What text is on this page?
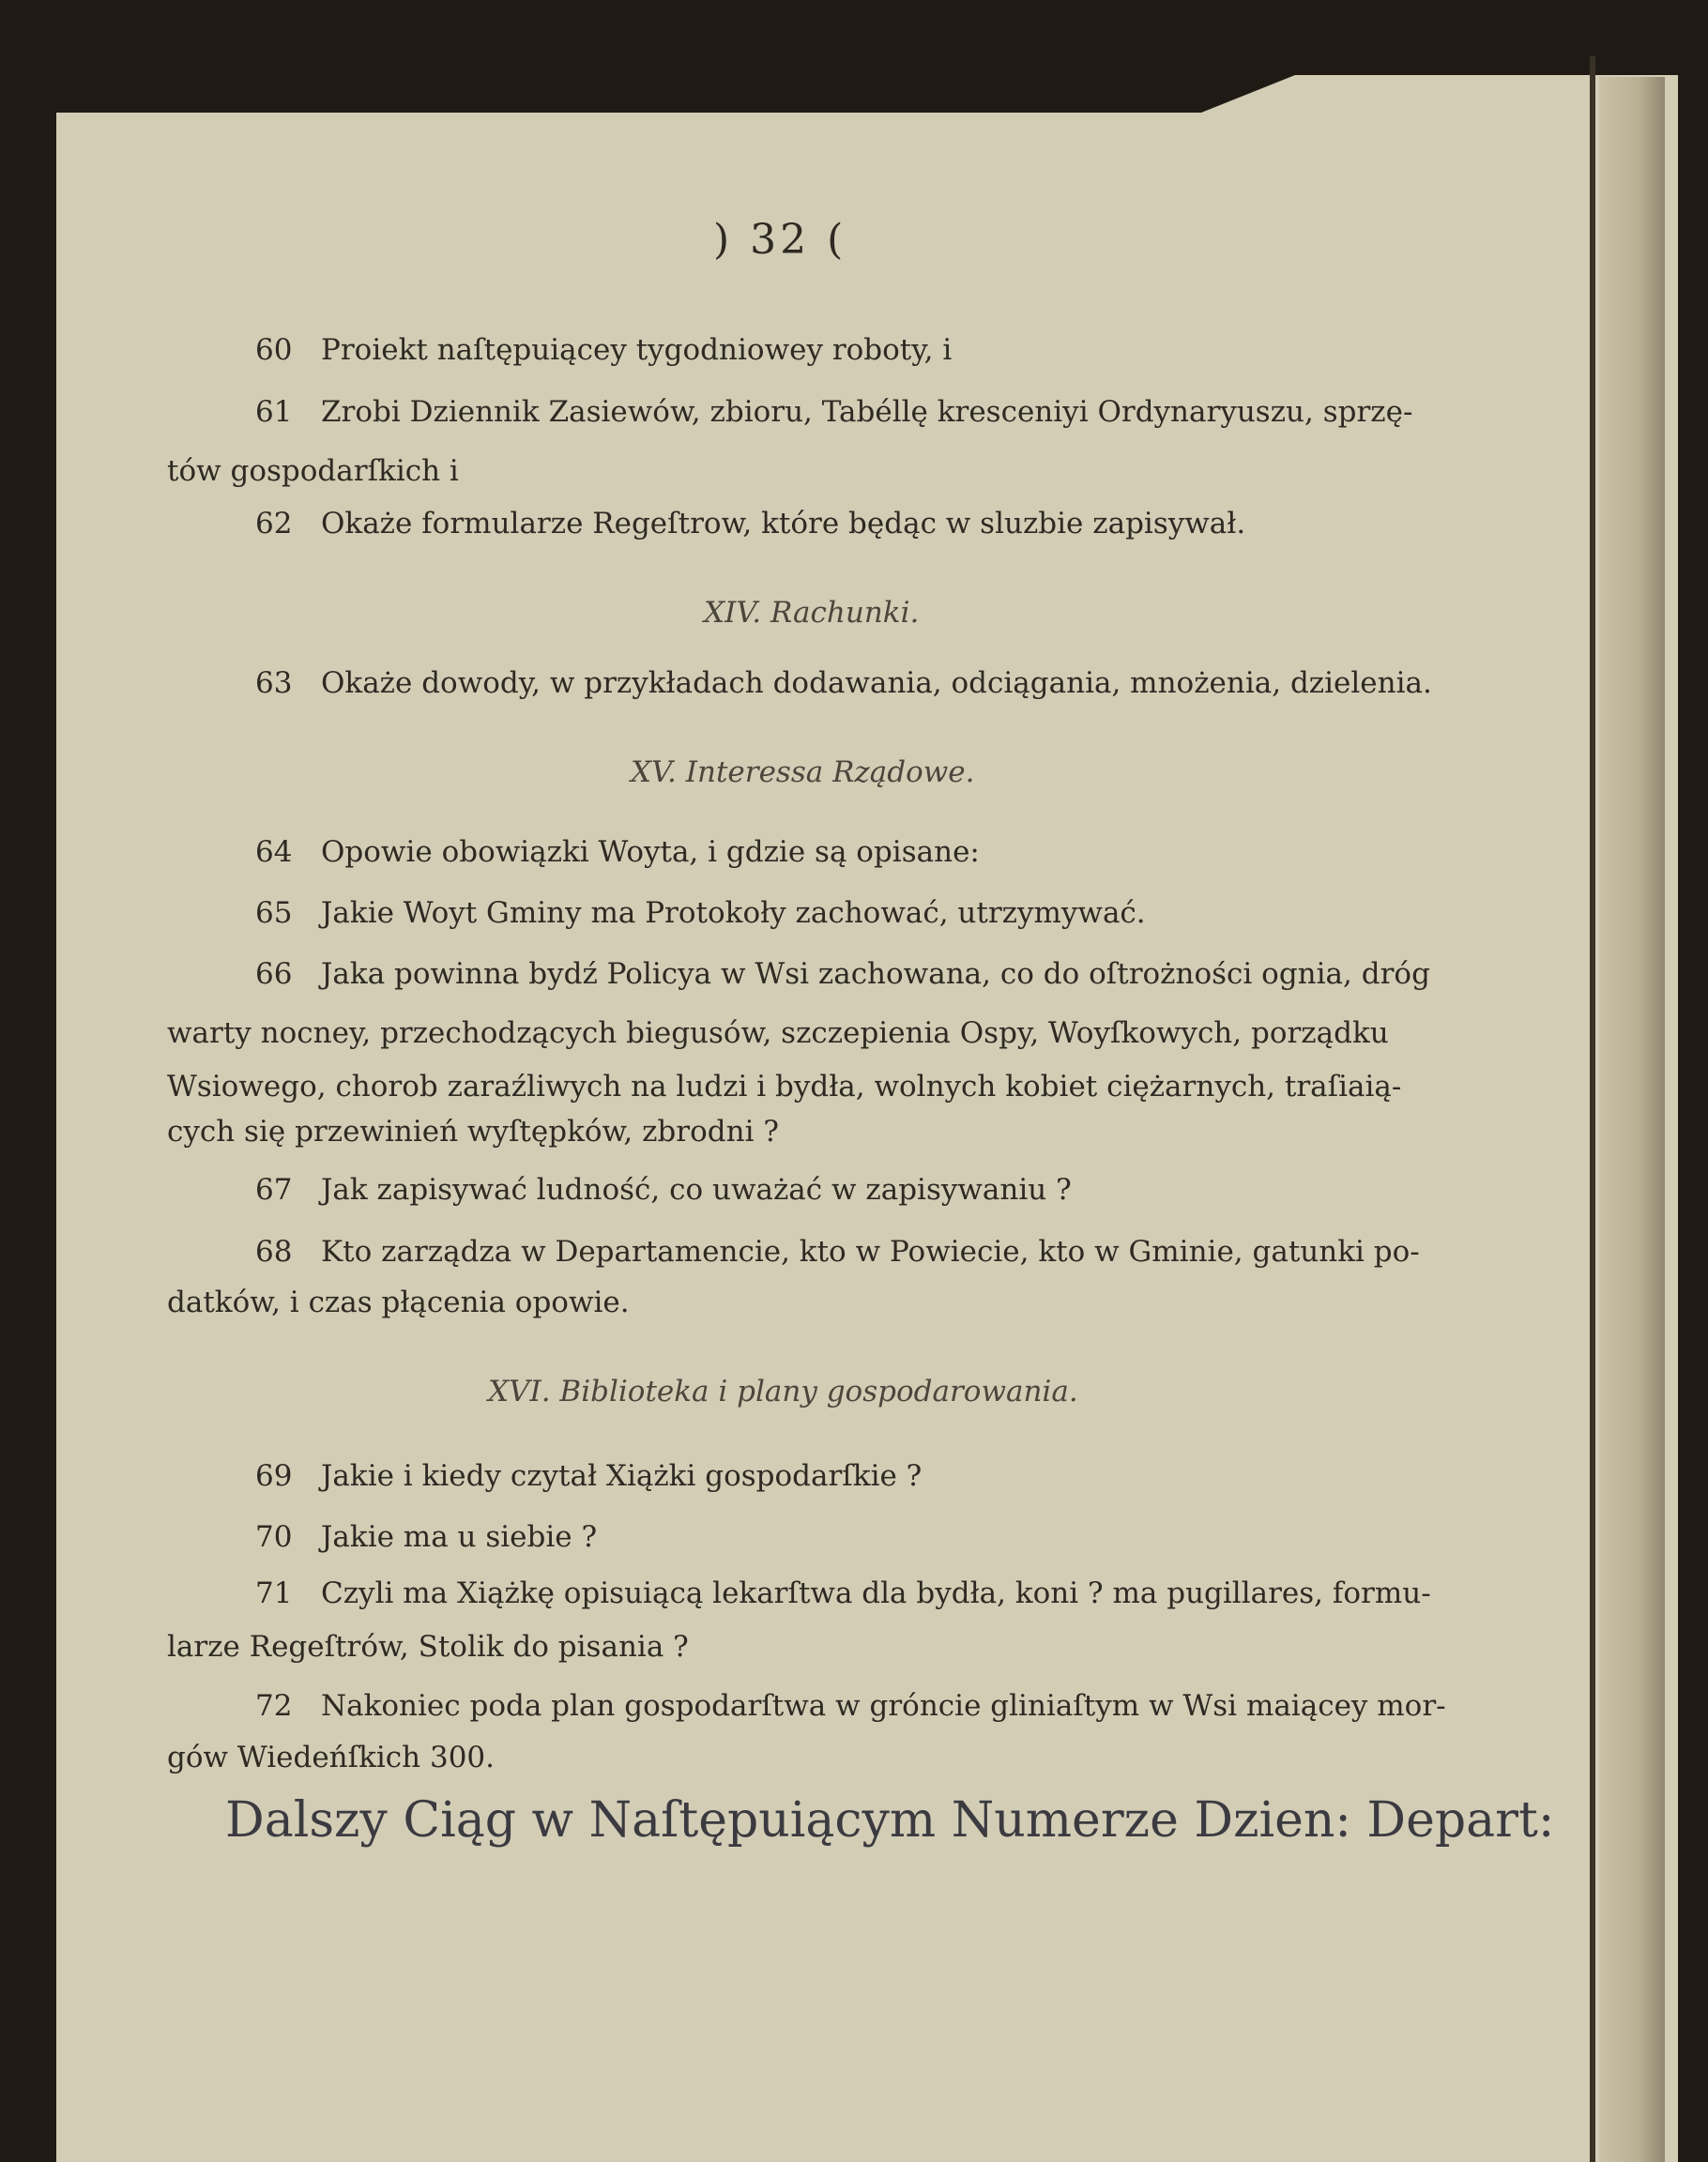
) 32 (
60 Proiekt naſtępuiącey tygodniowey roboty, i
61 Zrobi Dziennik Zasiewów, zbioru, Tabéllę kresceniyi Ordynaryuszu, sprzę-
tów gospodarſkich i
62 Okaże formularze Regeſtrow, które będąc w sluzbie zapisywał.
XIV. Rachunki.
63 Okaże dowody, w przykładach dodawania, odciągania, mnożenia, dzielenia.
XV. Interessa Rządowe.
64 Opowie obowiązki Woyta, i gdzie są opisane:
65 Jakie Woyt Gminy ma Protokoły zachować, utrzymywać.
66 Jaka powinna bydź Policya w Wsi zachowana, co do oſtrożności ognia, dróg
warty nocney, przechodzących biegusów, szczepienia Ospy, Woyſkowych, porządku
Wsiowego, chorob zaraźliwych na ludzi i bydła, wolnych kobiet ciężarnych, traſiaią-
cych się przewinień wyſtępków, zbrodni ?
67 Jak zapisywać ludność, co uważać w zapisywaniu ?
68 Kto zarządza w Departamencie, kto w Powiecie, kto w Gminie, gatunki po-
datków, i czas płącenia opowie.
XVI. Biblioteka i plany gospodarowania.
69 Jakie i kiedy czytał Xiążki gospodarſkie ?
70 Jakie ma u siebie ?
71 Czyli ma Xiążkę opisuiącą lekarſtwa dla bydła, koni ? ma pugillares, formu-
larze Regeſtrów, Stolik do pisania ?
72 Nakoniec poda plan gospodarſtwa w grόncie gliniaſtym w Wsi maiącey mor-
gów Wiedeńſkich 300.
Dalszy Ciąg w Naſtępuiącym Numerze Dzien: Depart:
